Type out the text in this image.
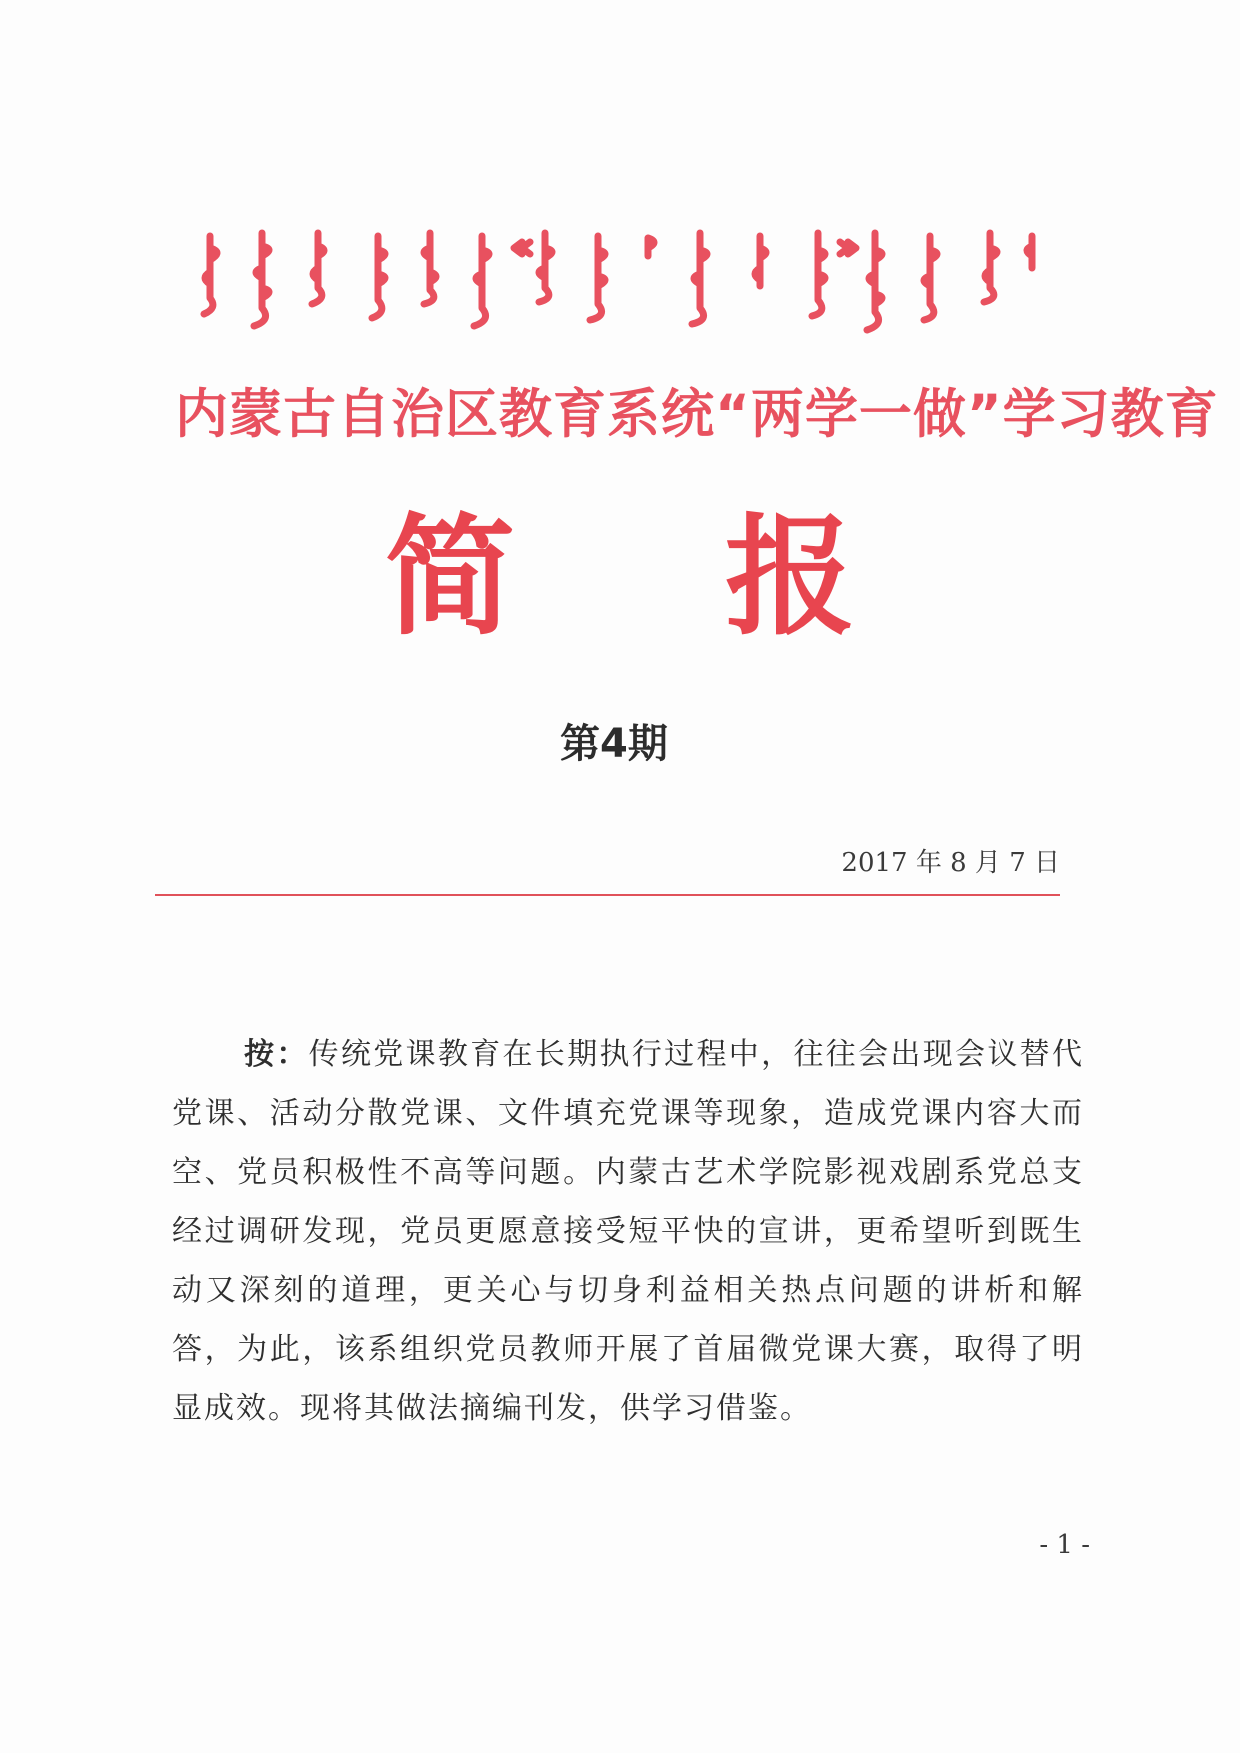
内蒙古自治区教育系统“两学一做”学习教育
简 报
第4期
2017 年 8 月 7 日

按：传统党课教育在长期执行过程中，往往会出现会议替代党课、活动分散党课、文件填充党课等现象，造成党课内容大而空、党员积极性不高等问题。内蒙古艺术学院影视戏剧系党总支经过调研发现，党员更愿意接受短平快的宣讲，更希望听到既生动又深刻的道理，更关心与切身利益相关热点问题的讲析和解答，为此，该系组织党员教师开展了首届微党课大赛，取得了明显成效。现将其做法摘编刊发，供学习借鉴。

- 1 -
